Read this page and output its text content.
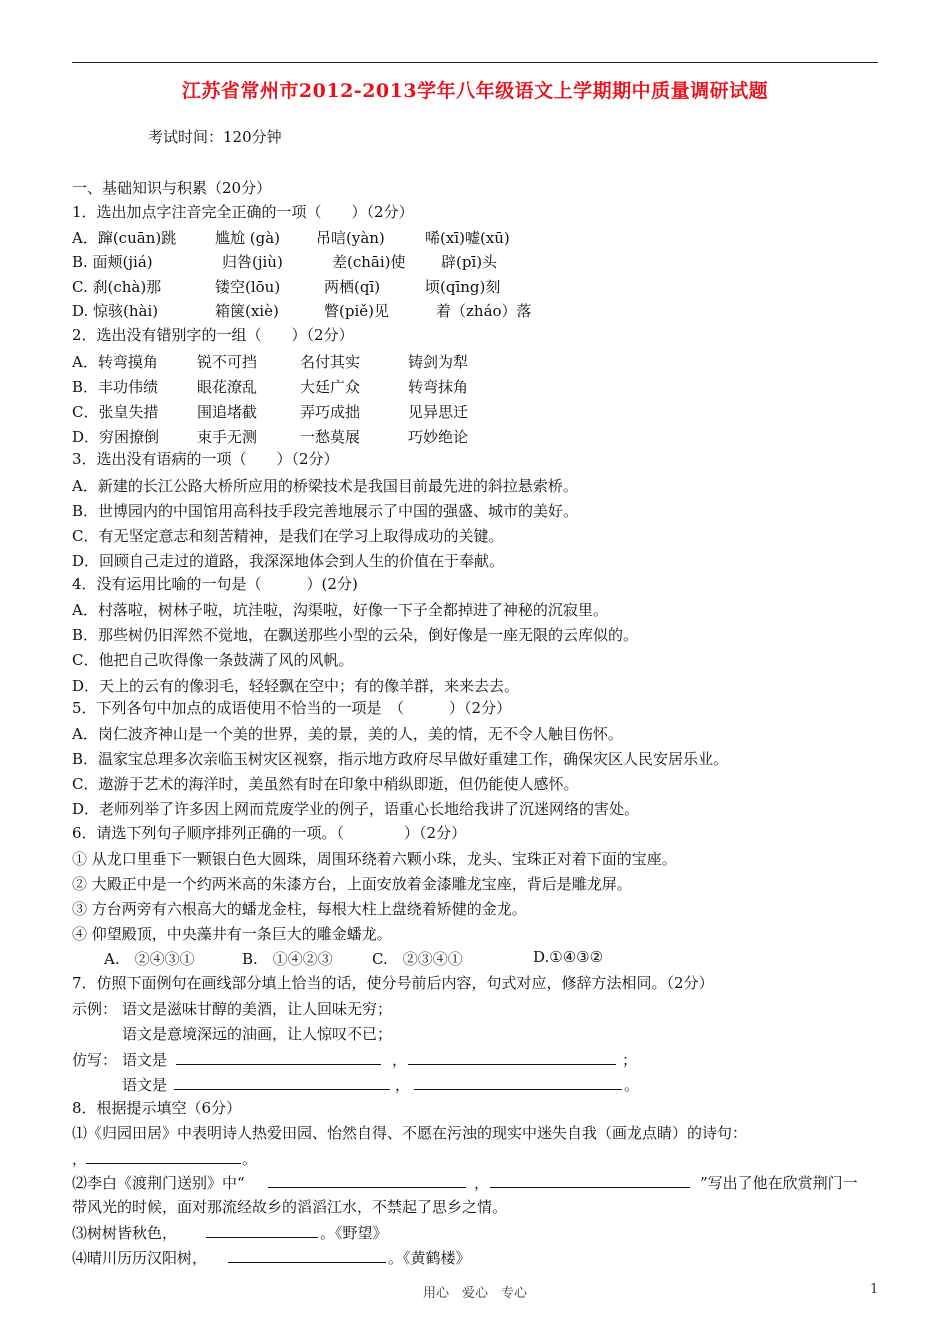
江苏省常州市2012-2013学年八年级语文上学期期中质量调研试题
考试时间：120分钟
一、基础知识与积累（20分）
1．选出加点字注音完全正确的一项（　　）（2分）
A．蹿(cuān)跳	尴尬 (gà) 吊唁(yàn)	唏(xī)嘘(xū)
B. 面颊(jiá)	归咎(jiù)	差(chāi)使 辟(pī)头
C. 刹(chà)那	镂空(lōu)	两栖(qī)	顷(qīng)刻
D. 惊骇(hài)	箱箧(xiè)	瞥(piě)见	着（zháo）落
2．选出没有错别字的一组（　　）（2分）
A．转弯摸角	锐不可挡	名付其实	铸剑为犁
B．丰功伟绩	眼花潦乱	大廷广众	转弯抹角
C．张皇失措	围追堵截	弄巧成拙	见异思迁
D．穷困撩倒	束手无测	一愁莫展	巧妙绝论
3．选出没有语病的一项（　　）（2分）
A．新建的长江公路大桥所应用的桥梁技术是我国目前最先进的斜拉悬索桥。
B．世博园内的中国馆用高科技手段完善地展示了中国的强盛、城市的美好。
C．有无坚定意志和刻苦精神，是我们在学习上取得成功的关键。
D．回顾自己走过的道路，我深深地体会到人生的价值在于奉献。
4．没有运用比喻的一句是（　　　）(2分)
A．村落啦，树林子啦，坑洼啦，沟渠啦，好像一下子全都掉进了神秘的沉寂里。
B．那些树仍旧浑然不觉地，在飘送那些小型的云朵，倒好像是一座无限的云库似的。
C．他把自己吹得像一条鼓满了风的风帆。
D．天上的云有的像羽毛，轻轻飘在空中；有的像羊群，来来去去。
5．下列各句中加点的成语使用不恰当的一项是　（　　　）（2分）
A．岗仁波齐神山是一个美的世界，美的景，美的人，美的情，无不令人触目伤怀。
B．温家宝总理多次亲临玉树灾区视察，指示地方政府尽早做好重建工作，确保灾区人民安居乐业。
C．遨游于艺术的海洋时，美虽然有时在印象中稍纵即逝，但仍能使人感怀。
D．老师列举了许多因上网而荒废学业的例子，语重心长地给我讲了沉迷网络的害处。
6．请选下列句子顺序排列正确的一项。（　　　　）（2分）
① 从龙口里垂下一颗银白色大圆珠，周围环绕着六颗小珠，龙头、宝珠正对着下面的宝座。
② 大殿正中是一个约两米高的朱漆方台，上面安放着金漆雕龙宝座，背后是雕龙屏。
③ 方台两旁有六根高大的蟠龙金柱，每根大柱上盘绕着矫健的金龙。
④ 仰望殿顶，中央藻井有一条巨大的雕金蟠龙。
A.　②④③①	B.　①④②③	C.　②③④①	D.①④③②
7．仿照下面例句在画线部分填上恰当的话，使分号前后内容，句式对应，修辞方法相同。（2分）
示例： 语文是滋味甘醇的美酒，让人回味无穷；
语文是意境深远的油画，让人惊叹不已；
仿写： 语文是	，	；
语文是	，	。
8．根据提示填空（6分）
⑴《归园田居》中表明诗人热爱田园、怡然自得、不愿在污浊的现实中迷失自我（画龙点睛）的诗句：
，	。
⑵李白《渡荆门送别》中“	，	”写出了他在欣赏荆门一
带风光的时候，面对那流经故乡的滔滔江水，不禁起了思乡之情。
⑶树树皆秋色，	。《野望》
⑷晴川历历汉阳树，	。《黄鹤楼》
用心　爱心　专心	1
